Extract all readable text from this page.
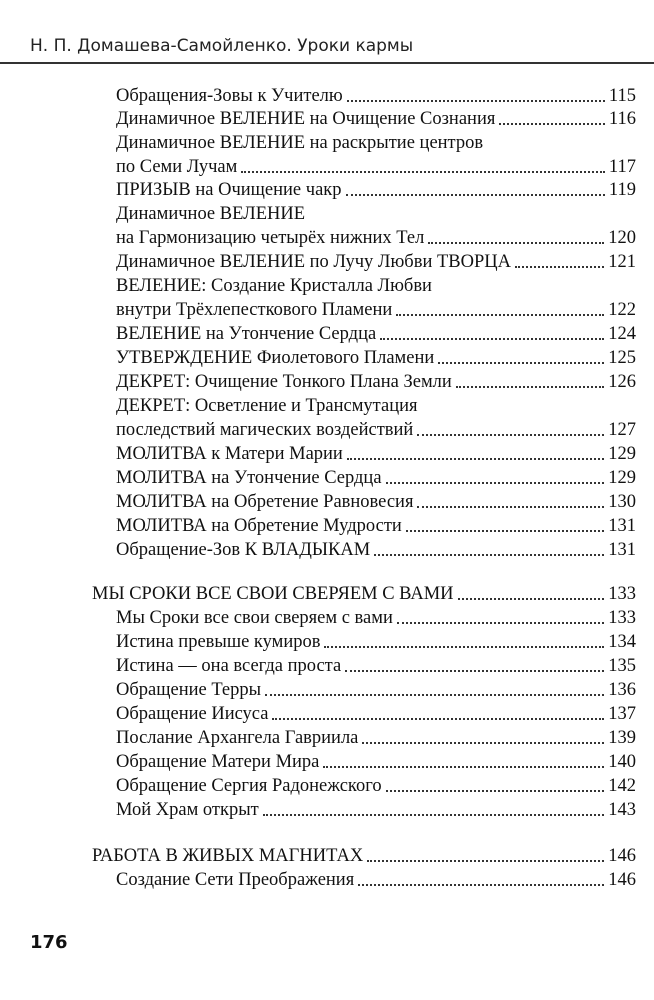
Н. П. Домашева-Самойленко. Уроки кармы
Обращения-Зовы к Учителю	115
Динамичное ВЕЛЕНИЕ на Очищение Сознания	116
Динамичное ВЕЛЕНИЕ на раскрытие центров
по Семи Лучам	117
ПРИЗЫВ на Очищение чакр	119
Динамичное ВЕЛЕНИЕ
на Гармонизацию четырёх нижних Тел	120
Динамичное ВЕЛЕНИЕ по Лучу Любви ТВОРЦА	121
ВЕЛЕНИЕ: Создание Кристалла Любви
внутри Трёхлепесткового Пламени	122
ВЕЛЕНИЕ на Утончение Сердца	124
УТВЕРЖДЕНИЕ Фиолетового Пламени	125
ДЕКРЕТ: Очищение Тонкого Плана Земли	126
ДЕКРЕТ: Осветление и Трансмутация
последствий магических воздействий	127
МОЛИТВА к Матери Марии	129
МОЛИТВА на Утончение Сердца	129
МОЛИТВА на Обретение Равновесия	130
МОЛИТВА на Обретение Мудрости	131
Обращение-Зов К ВЛАДЫКАМ	131
МЫ СРОКИ ВСЕ СВОИ СВЕРЯЕМ С ВАМИ	133
Мы Сроки все свои сверяем с вами	133
Истина превыше кумиров	134
Истина — она всегда проста	135
Обращение Терры	136
Обращение Иисуса	137
Послание Архангела Гавриила	139
Обращение Матери Мира	140
Обращение Сергия Радонежского	142
Мой Храм открыт	143
РАБОТА В ЖИВЫХ МАГНИТАХ	146
Создание Сети Преображения	146
176
